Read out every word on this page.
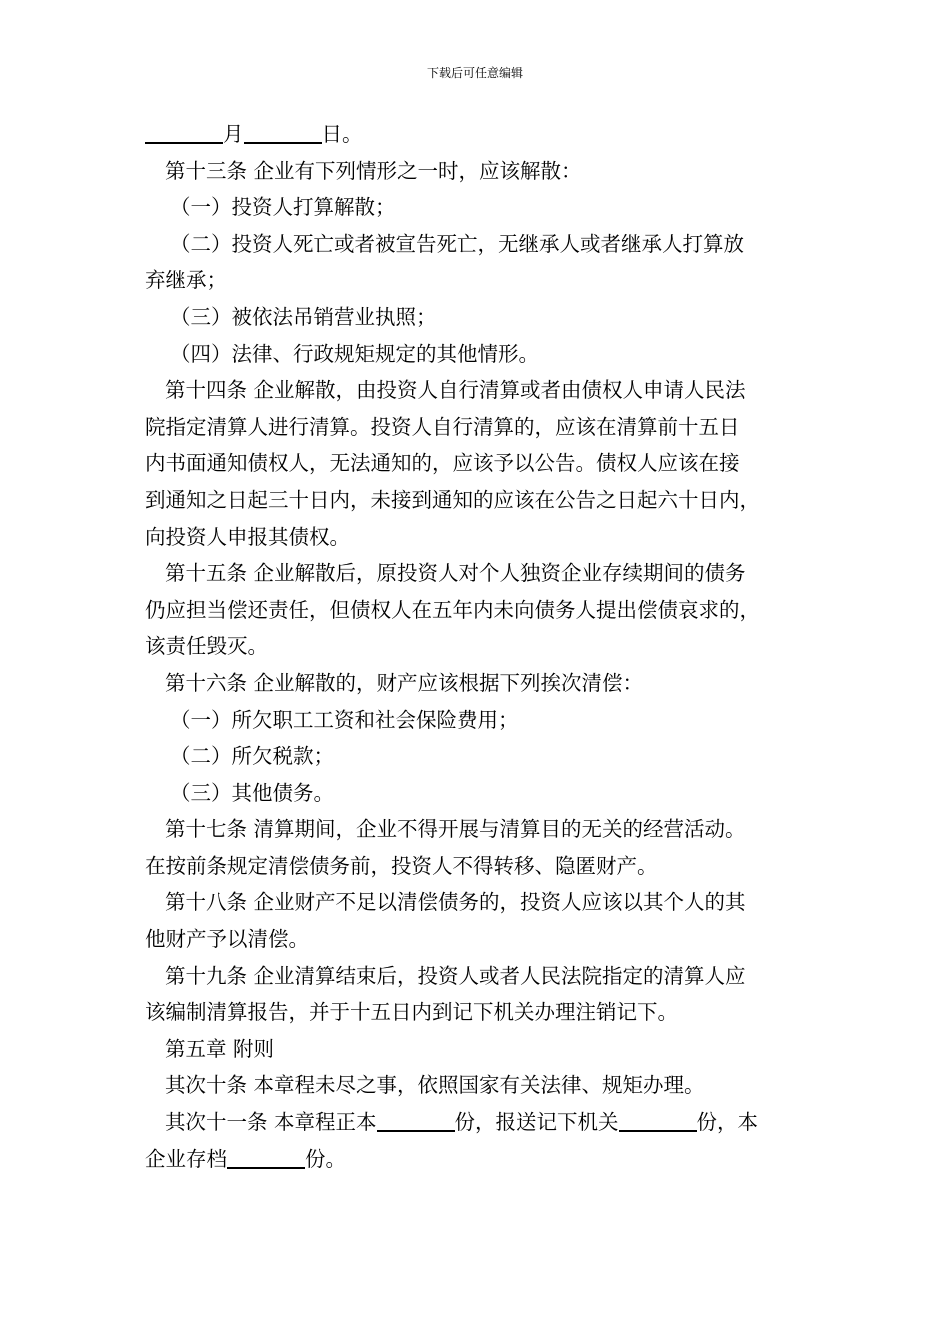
下载后可任意编辑
月	日。
第十三条 企业有下列情形之一时，应该解散：
（一）投资人打算解散；
（二）投资人死亡或者被宣告死亡，无继承人或者继承人打算放
弃继承；
（三）被依法吊销营业执照；
（四）法律、行政规矩规定的其他情形。
第十四条 企业解散，由投资人自行清算或者由债权人申请人民法
院指定清算人进行清算。投资人自行清算的，应该在清算前十五日
内书面通知债权人，无法通知的，应该予以公告。债权人应该在接
到通知之日起三十日内，未接到通知的应该在公告之日起六十日内，
向投资人申报其债权。
第十五条 企业解散后，原投资人对个人独资企业存续期间的债务
仍应担当偿还责任，但债权人在五年内未向债务人提出偿债哀求的，
该责任毁灭。
第十六条 企业解散的，财产应该根据下列挨次清偿：
（一）所欠职工工资和社会保险费用；
（二）所欠税款；
（三）其他债务。
第十七条 清算期间，企业不得开展与清算目的无关的经营活动。
在按前条规定清偿债务前，投资人不得转移、隐匿财产。
第十八条 企业财产不足以清偿债务的，投资人应该以其个人的其
他财产予以清偿。
第十九条 企业清算结束后，投资人或者人民法院指定的清算人应
该编制清算报告，并于十五日内到记下机关办理注销记下。
第五章 附则
其次十条 本章程未尽之事，依照国家有关法律、规矩办理。
其次十一条 本章程正本	份，报送记下机关	份，本
企业存档	份。
